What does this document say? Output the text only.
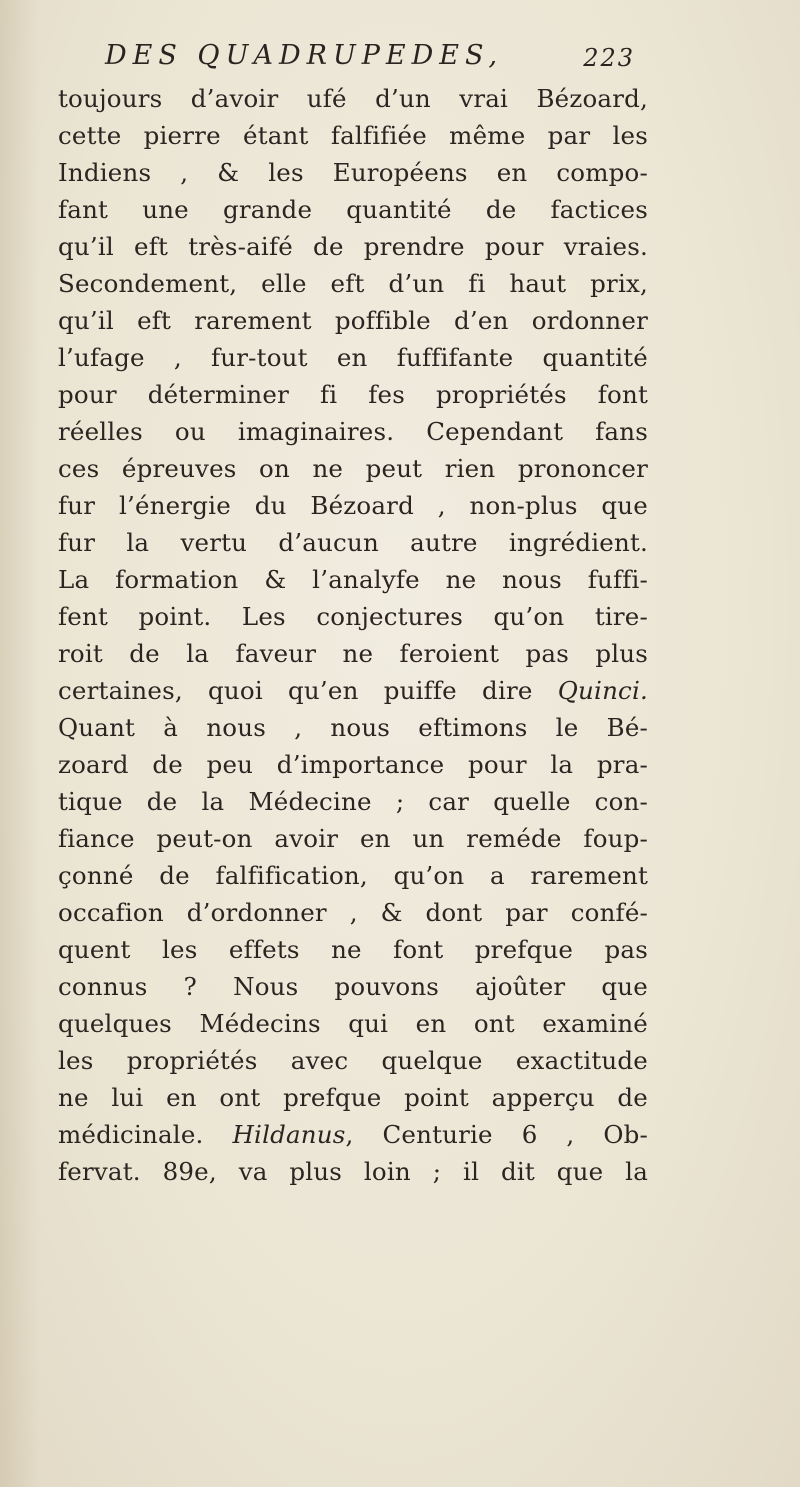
DES QUADRUPEDES,	223
toujours d’avoir ufé d’un vrai Bézoard,
cette pierre étant falfifiée même par les
Indiens , & les Européens en compo-
fant une grande quantité de factices
qu’il eft très-aifé de prendre pour vraies.
Secondement, elle eft d’un fi haut prix,
qu’il eft rarement poffible d’en ordonner
l’ufage , fur-tout en fuffifante quantité
pour déterminer fi fes propriétés font
réelles ou imaginaires. Cependant fans
ces épreuves on ne peut rien prononcer
fur l’énergie du Bézoard , non-plus que
fur la vertu d’aucun autre ingrédient.
La formation & l’analyfe ne nous fuffi-
fent point. Les conjectures qu’on tire-
roit de la faveur ne feroient pas plus
certaines, quoi qu’en puiffe dire Quinci.
Quant à nous , nous eftimons le Bé-
zoard de peu d’importance pour la pra-
tique de la Médecine ; car quelle con-
fiance peut-on avoir en un reméde foup-
çonné de falfification, qu’on a rarement
occafion d’ordonner , & dont par confé-
quent les effets ne font prefque pas
connus ? Nous pouvons ajoûter que
quelques Médecins qui en ont examiné
les propriétés avec quelque exactitude
ne lui en ont prefque point apperçu de
médicinale. Hildanus, Centurie 6 , Ob-
fervat. 89e, va plus loin ; il dit que la
